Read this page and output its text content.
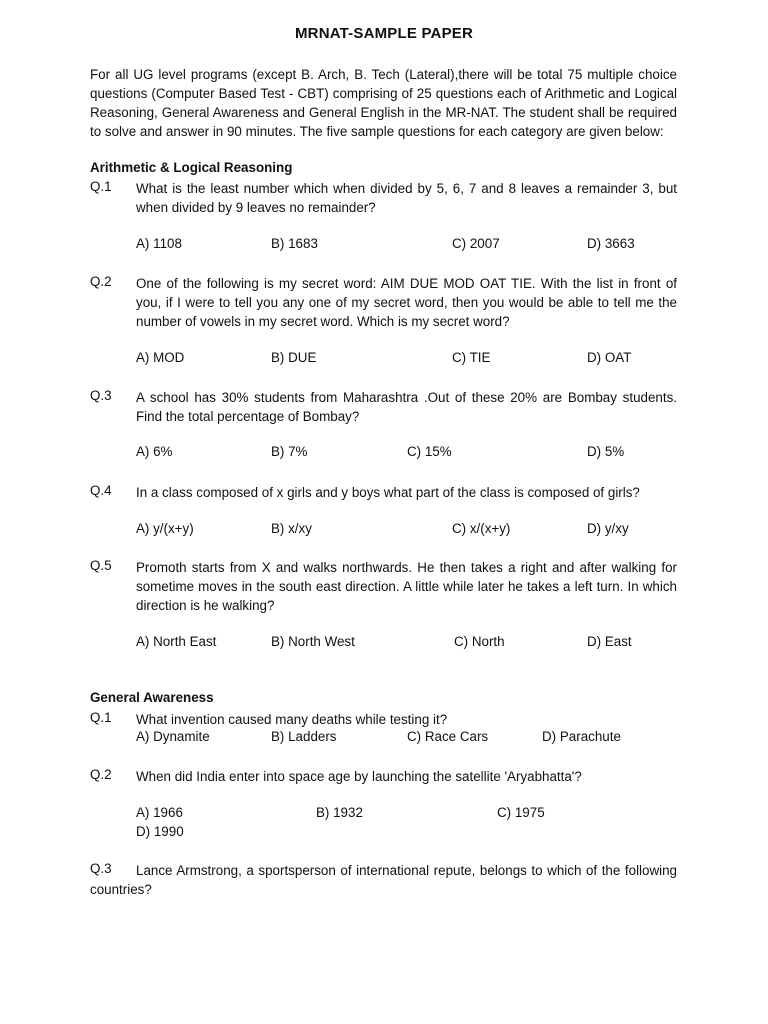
MRNAT-SAMPLE PAPER
For all UG level programs (except B. Arch, B. Tech (Lateral),there will be total 75 multiple choice questions (Computer Based Test - CBT) comprising of 25 questions each of Arithmetic and Logical Reasoning, General Awareness and General English in the MR-NAT. The student shall be required to solve and answer in 90 minutes. The five sample questions for each category are given below:
Arithmetic & Logical Reasoning
Q.1 What is the least number which when divided by 5, 6, 7 and 8 leaves a remainder 3, but when divided by 9 leaves no remainder?
A) 1108	B) 1683	C) 2007	D) 3663
Q.2 One of the following is my secret word: AIM DUE MOD OAT TIE. With the list in front of you, if I were to tell you any one of my secret word, then you would be able to tell me the number of vowels in my secret word. Which is my secret word?
A) MOD	B) DUE	C) TIE	D) OAT
Q.3 A school has 30% students from Maharashtra .Out of these 20% are Bombay students. Find the total percentage of Bombay?
A) 6%	B) 7%	C) 15%	D) 5%
Q.4 In a class composed of x girls and y boys what part of the class is composed of girls?
A) y/(x+y)	B) x/xy	C) x/(x+y)	D) y/xy
Q.5 Promoth starts from X and walks northwards. He then takes a right and after walking for sometime moves in the south east direction. A little while later he takes a left turn. In which direction is he walking?
A) North East	B) North West	C) North	D) East
General Awareness
Q.1 What invention caused many deaths while testing it?
A) Dynamite	B) Ladders	C) Race Cars	D) Parachute
Q.2 When did India enter into space age by launching the satellite 'Aryabhatta'?
A) 1966	B) 1932	C) 1975
D) 1990
Q.3	Lance Armstrong, a sportsperson of international repute, belongs to which of the following countries?
